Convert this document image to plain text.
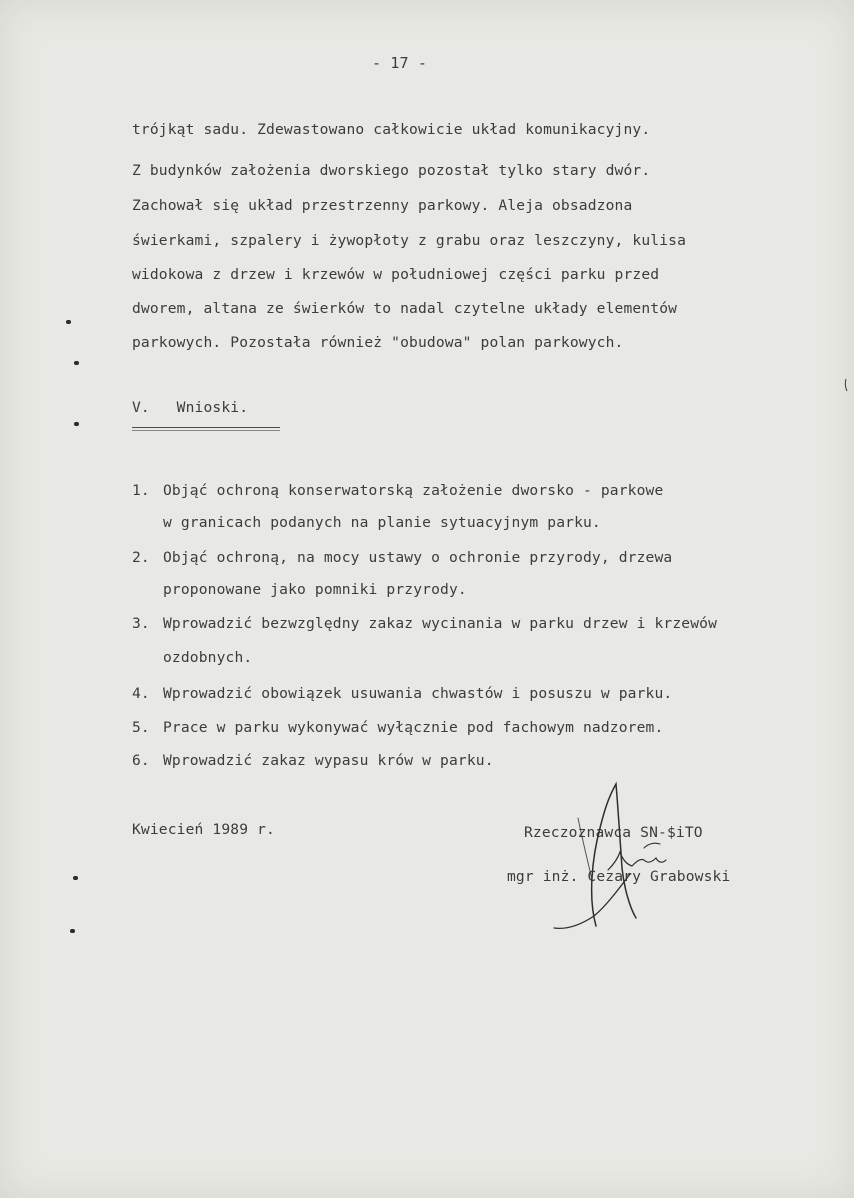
- 17 -
trójkąt sadu. Zdewastowano całkowicie układ komunikacyjny.
Z budynków założenia dworskiego pozostał tylko stary dwór.
Zachował się układ przestrzenny parkowy. Aleja obsadzona
świerkami, szpalery i żywopłoty z grabu oraz leszczyny, kulisa
widokowa z drzew i krzewów w południowej części parku przed
dworem, altana ze świerków to nadal czytelne układy elementów
parkowych. Pozostała również "obudowa" polan parkowych.
V.   Wnioski.
1. Objąć ochroną konserwatorską założenie dworsko - parkowe
w granicach podanych na planie sytuacyjnym parku.
2. Objąć ochroną, na mocy ustawy o ochronie przyrody, drzewa
proponowane jako pomniki przyrody.
3. Wprowadzić bezwzględny zakaz wycinania w parku drzew i krzewów
ozdobnych.
4. Wprowadzić obowiązek usuwania chwastów i posuszu w parku.
5. Prace w parku wykonywać wyłącznie pod fachowym nadzorem.
6. Wprowadzić zakaz wypasu krów w parku.
Kwiecień 1989 r.	Rzeczoznawca SN-$iTO
mgr inż. Cezary Grabowski
